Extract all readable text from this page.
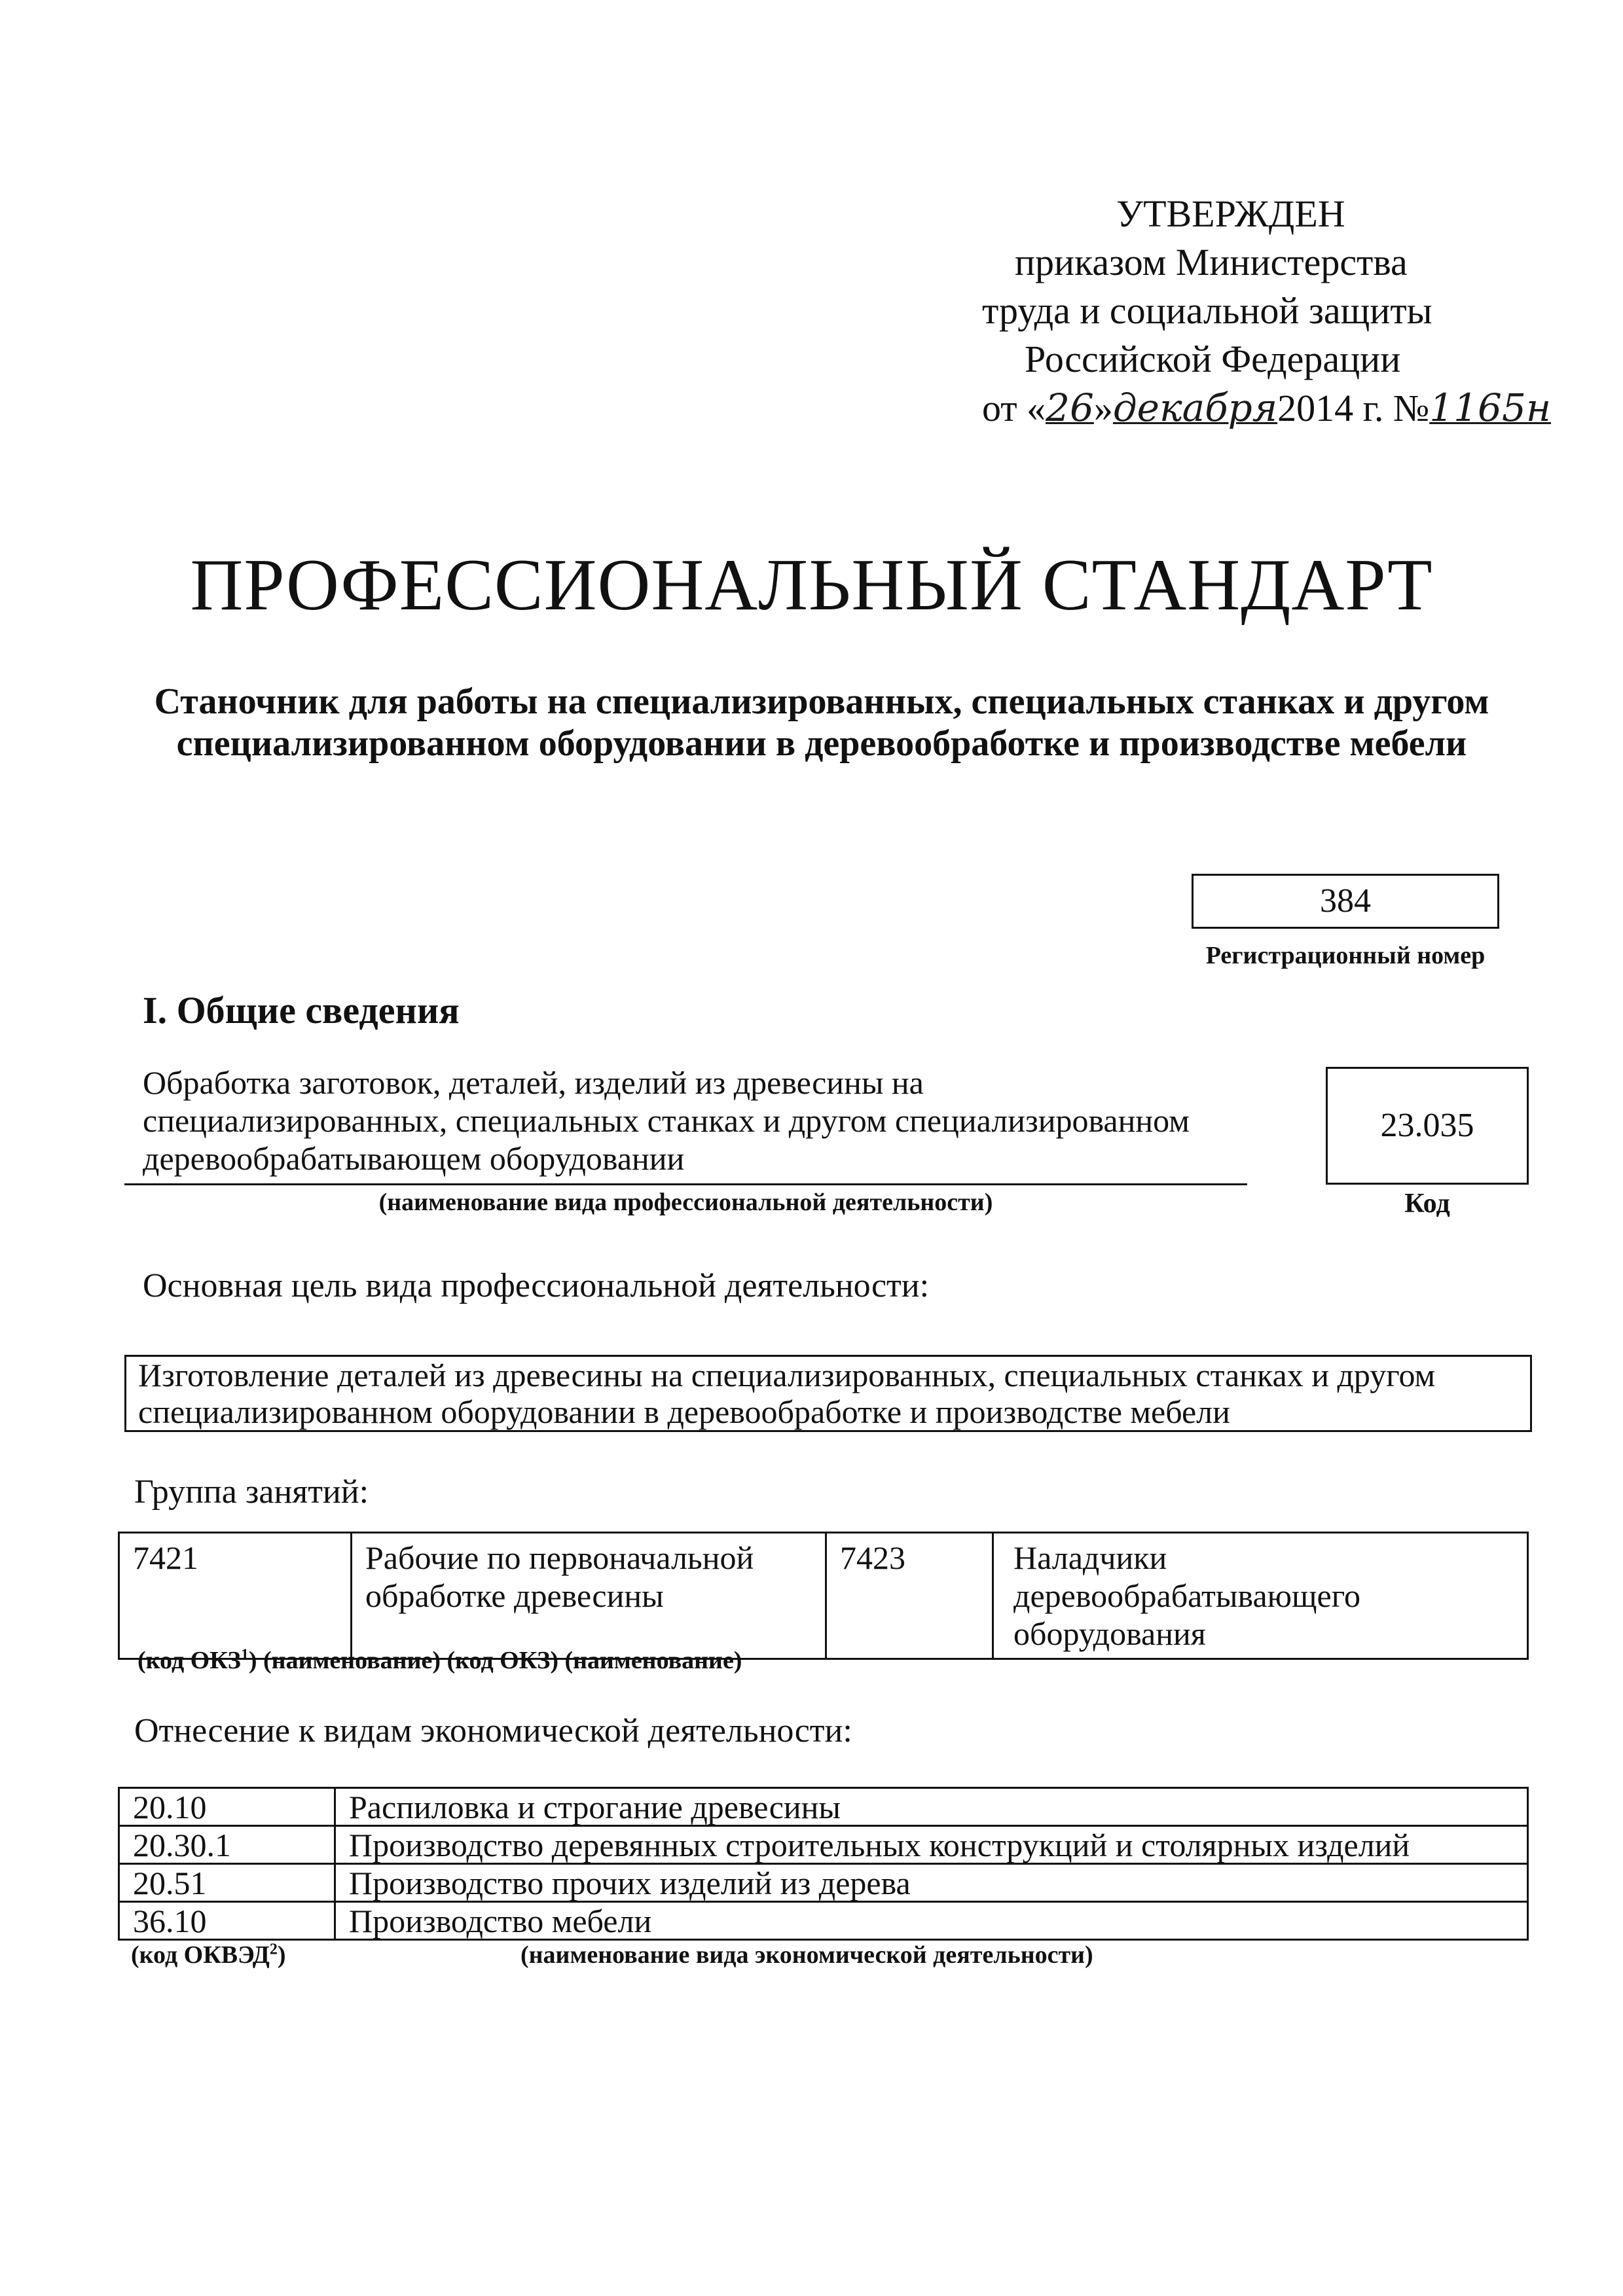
УТВЕРЖДЕН
приказом Министерства
труда и социальной защиты
Российской Федерации
от «26»декабря2014 г. №1165н
ПРОФЕССИОНАЛЬНЫЙ СТАНДАРТ
Станочник для работы на специализированных, специальных станках и другом специализированном оборудовании в деревообработке и производстве мебели
384
Регистрационный номер
I. Общие сведения
Обработка заготовок, деталей, изделий из древесины на специализированных, специальных станках и другом специализированном деревообрабатывающем оборудовании
(наименование вида профессиональной деятельности)
23.035
Код
Основная цель вида профессиональной деятельности:
Изготовление деталей из древесины на специализированных, специальных станках и другом специализированном оборудовании в деревообработке и производстве мебели
Группа занятий:
7421	Рабочие по первоначальной обработке древесины	7423	Наладчики деревообрабатывающего оборудования
(код ОКЗ$^1$) (наименование) (код ОКЗ) (наименование)
Отнесение к видам экономической деятельности:
20.10	Распиловка и строгание древесины
20.30.1	Производство деревянных строительных конструкций и столярных изделий
20.51	Производство прочих изделий из дерева
36.10	Производство мебели
(код ОКВЭД$^2$)	(наименование вида экономической деятельности)
